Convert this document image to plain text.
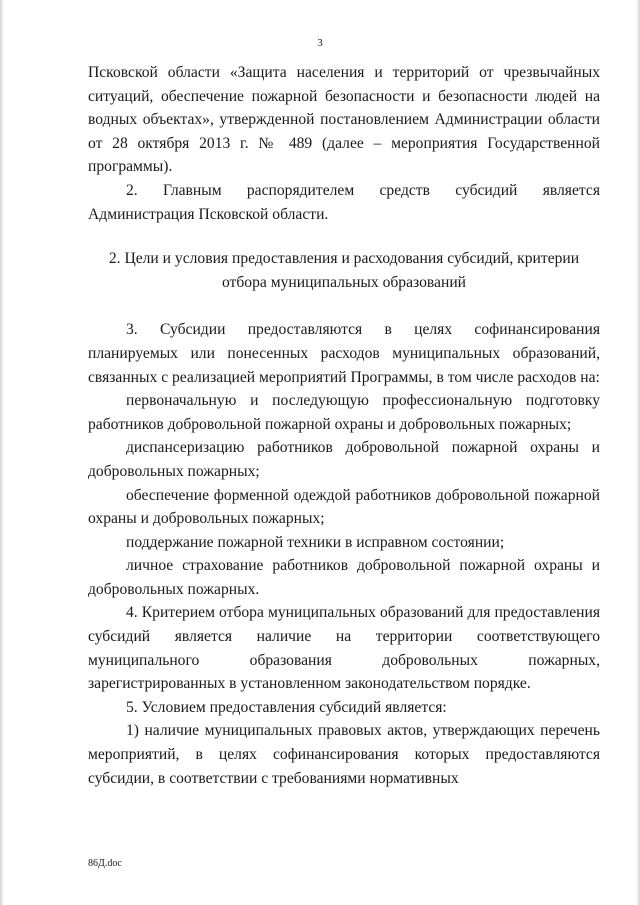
3

Псковской области «Защита населения и территорий от чрезвычайных ситуаций, обеспечение пожарной безопасности и безопасности людей на водных объектах», утвержденной постановлением Администрации области от 28 октября 2013 г. № 489 (далее – мероприятия Государственной программы).

2. Главным распорядителем средств субсидий является Администрация Псковской области.

2. Цели и условия предоставления и расходования субсидий, критерии
отбора муниципальных образований

3. Субсидии предоставляются в целях софинансирования планируемых или понесенных расходов муниципальных образований, связанных с реализацией мероприятий Программы, в том числе расходов на:

первоначальную и последующую профессиональную подготовку работников добровольной пожарной охраны и добровольных пожарных;

диспансеризацию работников добровольной пожарной охраны и добровольных пожарных;

обеспечение форменной одеждой работников добровольной пожарной охраны и добровольных пожарных;

поддержание пожарной техники в исправном состоянии;

личное страхование работников добровольной пожарной охраны и добровольных пожарных.

4. Критерием отбора муниципальных образований для предоставления субсидий является наличие на территории соответствующего муниципального образования добровольных пожарных, зарегистрированных в установленном законодательством порядке.

5. Условием предоставления субсидий является:

1) наличие муниципальных правовых актов, утверждающих перечень мероприятий, в целях софинансирования которых предоставляются субсидии, в соответствии с требованиями нормативных

86Д.doc
